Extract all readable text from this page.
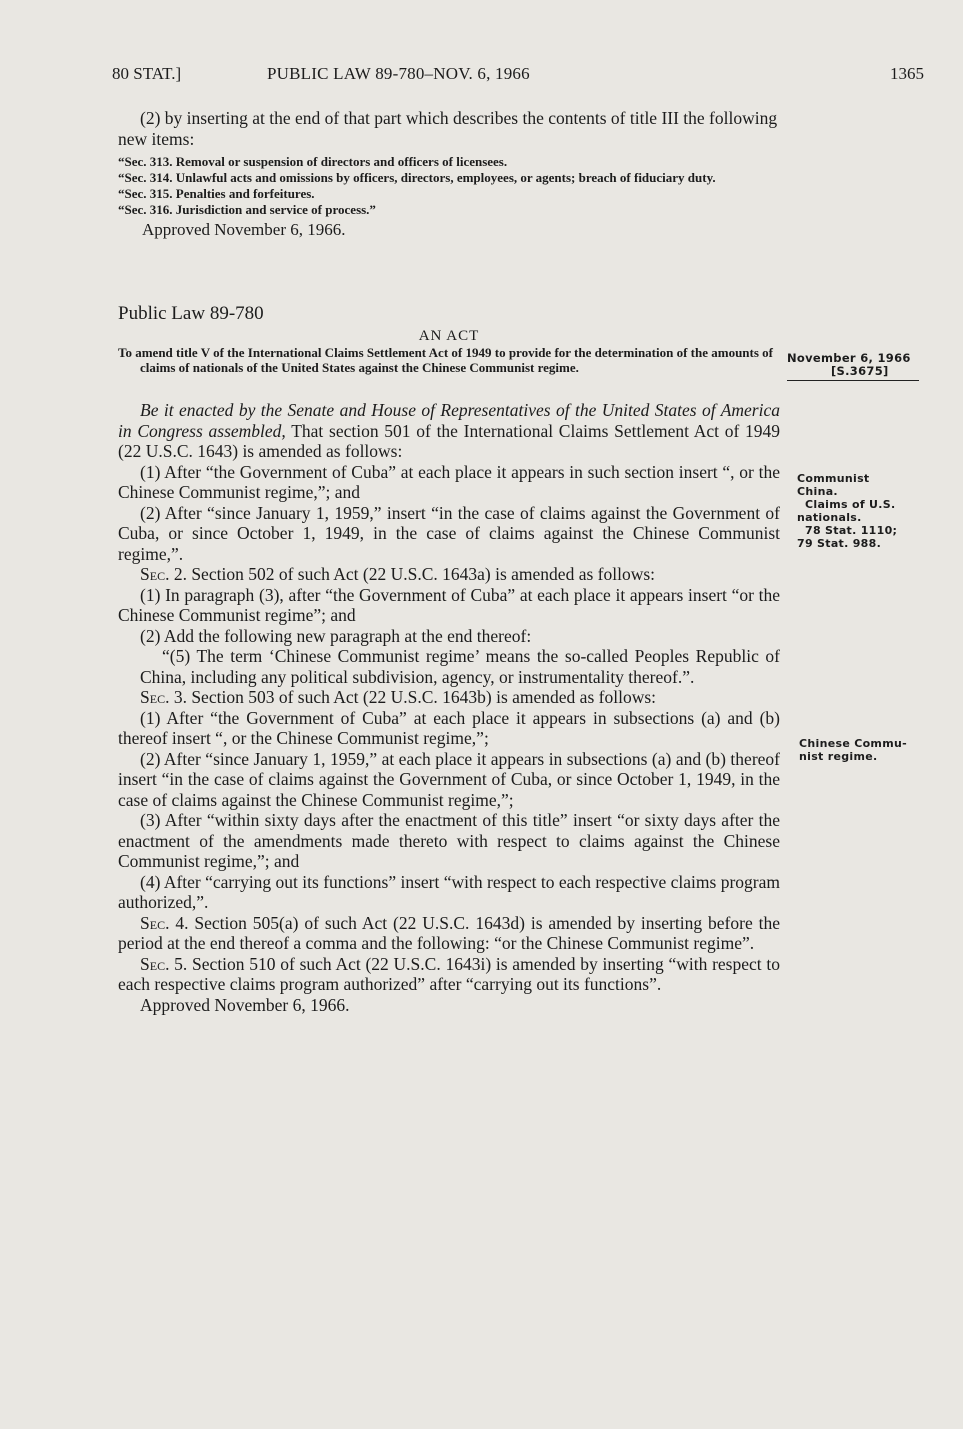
80 STAT.]	PUBLIC LAW 89-780–NOV. 6, 1966	1365

(2) by inserting at the end of that part which describes the contents of title III the following new items:

“Sec. 313. Removal or suspension of directors and officers of licensees.
“Sec. 314. Unlawful acts and omissions by officers, directors, employees, or agents; breach of fiduciary duty.
“Sec. 315. Penalties and forfeitures.
“Sec. 316. Jurisdiction and service of process.”

Approved November 6, 1966.

Public Law 89-780

AN ACT

To amend title V of the International Claims Settlement Act of 1949 to provide for the determination of the amounts of claims of nationals of the United States against the Chinese Communist regime.

Be it enacted by the Senate and House of Representatives of the United States of America in Congress assembled, That section 501 of the International Claims Settlement Act of 1949 (22 U.S.C. 1643) is amended as follows:

(1) After “the Government of Cuba” at each place it appears in such section insert “, or the Chinese Communist regime,”; and

(2) After “since January 1, 1959,” insert “in the case of claims against the Government of Cuba, or since October 1, 1949, in the case of claims against the Chinese Communist regime,”.

Sec. 2. Section 502 of such Act (22 U.S.C. 1643a) is amended as follows:

(1) In paragraph (3), after “the Government of Cuba” at each place it appears insert “or the Chinese Communist regime”; and

(2) Add the following new paragraph at the end thereof:

“(5) The term ‘Chinese Communist regime’ means the so-called Peoples Republic of China, including any political subdivision, agency, or instrumentality thereof.”.

Sec. 3. Section 503 of such Act (22 U.S.C. 1643b) is amended as follows:

(1) After “the Government of Cuba” at each place it appears in subsections (a) and (b) thereof insert “, or the Chinese Communist regime,”;

(2) After “since January 1, 1959,” at each place it appears in subsections (a) and (b) thereof insert “in the case of claims against the Government of Cuba, or since October 1, 1949, in the case of claims against the Chinese Communist regime,”;

(3) After “within sixty days after the enactment of this title” insert “or sixty days after the enactment of the amendments made thereto with respect to claims against the Chinese Communist regime,”; and

(4) After “carrying out its functions” insert “with respect to each respective claims program authorized,”.

Sec. 4. Section 505(a) of such Act (22 U.S.C. 1643d) is amended by inserting before the period at the end thereof a comma and the following: “or the Chinese Communist regime”.

Sec. 5. Section 510 of such Act (22 U.S.C. 1643i) is amended by inserting “with respect to each respective claims program authorized” after “carrying out its functions”.

Approved November 6, 1966.

November 6, 1966
[S.3675]
Communist
China.
Claims of U.S.
nationals.
78 Stat. 1110;
79 Stat. 988.
Chinese Commu-
nist regime.
